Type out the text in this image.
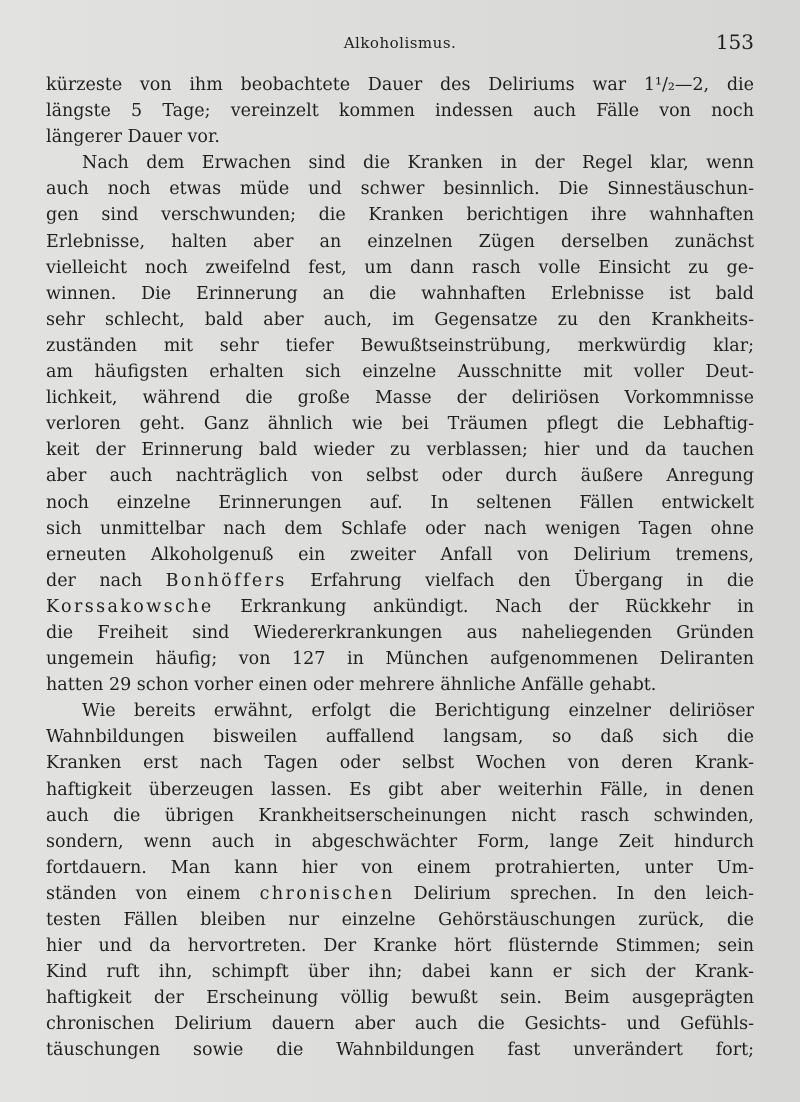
Alkoholismus.	153
kürzeste von ihm beobachtete Dauer des Deliriums war 1¹/₂—2, die
längste 5 Tage; vereinzelt kommen indessen auch Fälle von noch
längerer Dauer vor.
Nach dem Erwachen sind die Kranken in der Regel klar, wenn
auch noch etwas müde und schwer besinnlich. Die Sinnestäuschun-
gen sind verschwunden; die Kranken berichtigen ihre wahnhaften
Erlebnisse, halten aber an einzelnen Zügen derselben zunächst
vielleicht noch zweifelnd fest, um dann rasch volle Einsicht zu ge-
winnen. Die Erinnerung an die wahnhaften Erlebnisse ist bald
sehr schlecht, bald aber auch, im Gegensatze zu den Krankheits-
zuständen mit sehr tiefer Bewußtseinstrübung, merkwürdig klar;
am häufigsten erhalten sich einzelne Ausschnitte mit voller Deut-
lichkeit, während die große Masse der deliriösen Vorkommnisse
verloren geht. Ganz ähnlich wie bei Träumen pflegt die Lebhaftig-
keit der Erinnerung bald wieder zu verblassen; hier und da tauchen
aber auch nachträglich von selbst oder durch äußere Anregung
noch einzelne Erinnerungen auf. In seltenen Fällen entwickelt
sich unmittelbar nach dem Schlafe oder nach wenigen Tagen ohne
erneuten Alkoholgenuß ein zweiter Anfall von Delirium tremens,
der nach Bonhöffers Erfahrung vielfach den Übergang in die
Korssakowsche Erkrankung ankündigt. Nach der Rückkehr in
die Freiheit sind Wiedererkrankungen aus naheliegenden Gründen
ungemein häufig; von 127 in München aufgenommenen Deliranten
hatten 29 schon vorher einen oder mehrere ähnliche Anfälle gehabt.
Wie bereits erwähnt, erfolgt die Berichtigung einzelner deliriöser
Wahnbildungen bisweilen auffallend langsam, so daß sich die
Kranken erst nach Tagen oder selbst Wochen von deren Krank-
haftigkeit überzeugen lassen. Es gibt aber weiterhin Fälle, in denen
auch die übrigen Krankheitserscheinungen nicht rasch schwinden,
sondern, wenn auch in abgeschwächter Form, lange Zeit hindurch
fortdauern. Man kann hier von einem protrahierten, unter Um-
ständen von einem chronischen Delirium sprechen. In den leich-
testen Fällen bleiben nur einzelne Gehörstäuschungen zurück, die
hier und da hervortreten. Der Kranke hört flüsternde Stimmen; sein
Kind ruft ihn, schimpft über ihn; dabei kann er sich der Krank-
haftigkeit der Erscheinung völlig bewußt sein. Beim ausgeprägten
chronischen Delirium dauern aber auch die Gesichts- und Gefühls-
täuschungen sowie die Wahnbildungen fast unverändert fort;
